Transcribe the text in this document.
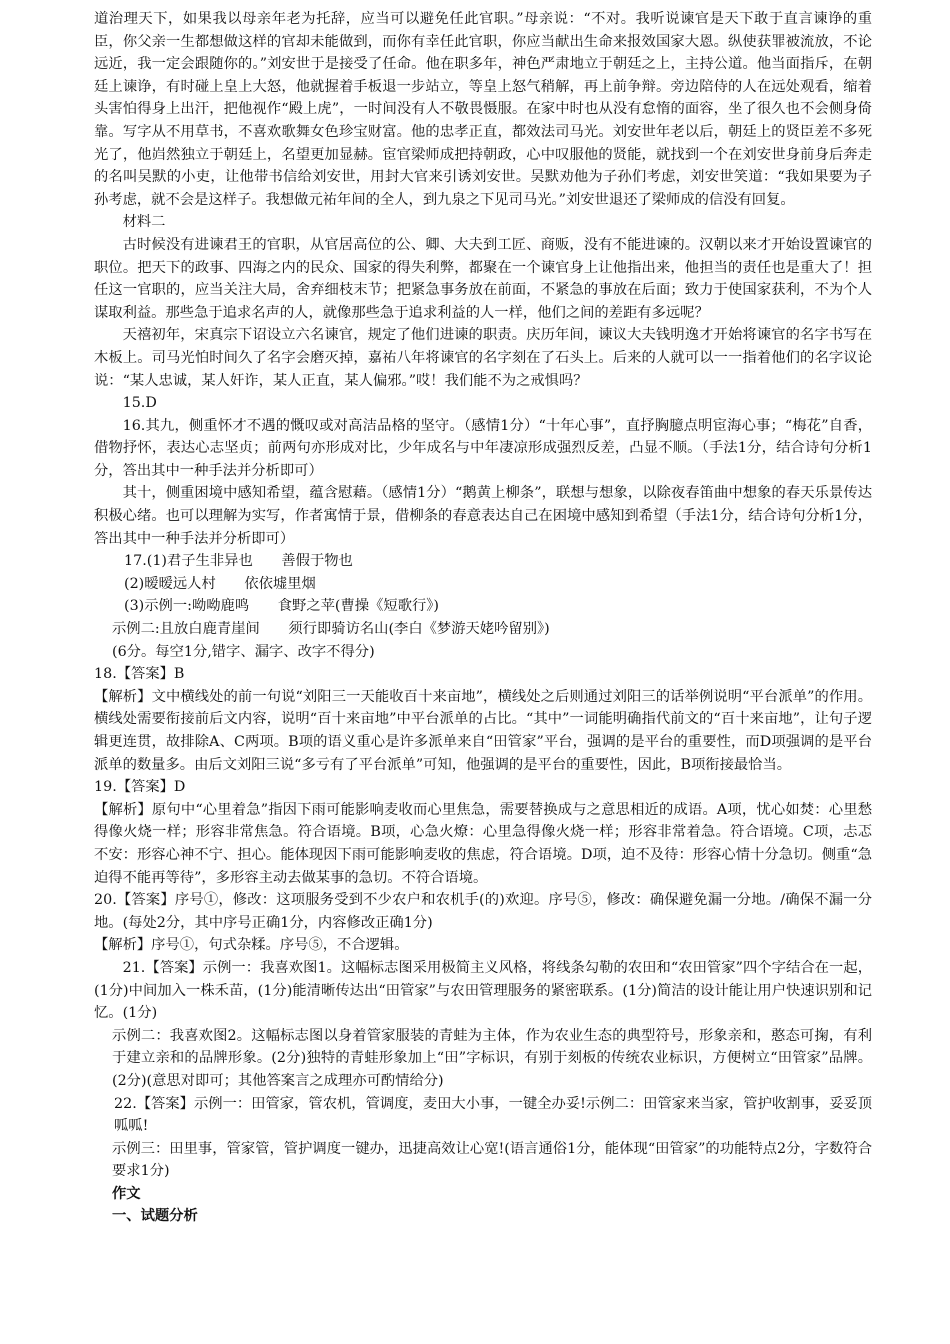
道治理天下，如果我以母亲年老为托辞，应当可以避免任此官职。”母亲说：“不对。我听说谏官是天下敢于直言谏诤的重臣，你父亲一生都想做这样的官却未能做到，而你有幸任此官职，你应当献出生命来报效国家大恩。纵使获罪被流放，不论远近，我一定会跟随你的。”刘安世于是接受了任命。他在职多年，神色严肃地立于朝廷之上，主持公道。他当面指斥，在朝廷上谏诤，有时碰上皇上大怒，他就握着手板退一步站立，等皇上怒气稍解，再上前争辩。旁边陪侍的人在远处观看，缩着头害怕得身上出汗，把他视作“殿上虎”，一时间没有人不敬畏慑服。在家中时也从没有怠惰的面容，坐了很久也不会侧身倚靠。写字从不用草书，不喜欢歌舞女色珍宝财富。他的忠孝正直，都效法司马光。刘安世年老以后，朝廷上的贤臣差不多死光了，他岿然独立于朝廷上，名望更加显赫。宦官梁师成把持朝政，心中叹服他的贤能，就找到一个在刘安世身前身后奔走的名叫吴默的小吏，让他带书信给刘安世，用封大官来引诱刘安世。吴默劝他为子孙们考虑，刘安世笑道：“我如果要为子孙考虑，就不会是这样子。我想做元祐年间的全人，到九泉之下见司马光。”刘安世退还了梁师成的信没有回复。

材料二

古时候没有进谏君王的官职，从官居高位的公、卿、大夫到工匠、商贩，没有不能进谏的。汉朝以来才开始设置谏官的职位。把天下的政事、四海之内的民众、国家的得失利弊，都聚在一个谏官身上让他指出来，他担当的责任也是重大了！担任这一官职的，应当关注大局，舍弃细枝末节；把紧急事务放在前面，不紧急的事放在后面；致力于使国家获利，不为个人谋取利益。那些急于追求名声的人，就像那些急于追求利益的人一样，他们之间的差距有多远呢？

天禧初年，宋真宗下诏设立六名谏官，规定了他们进谏的职责。庆历年间，谏议大夫钱明逸才开始将谏官的名字书写在木板上。司马光怕时间久了名字会磨灭掉，嘉祐八年将谏官的名字刻在了石头上。后来的人就可以一一指着他们的名字议论说：“某人忠诚，某人奸诈，某人正直，某人偏邪。”哎！我们能不为之戒惧吗？

15.D

16.其九，侧重怀才不遇的慨叹或对高洁品格的坚守。（感情1分）“十年心事”，直抒胸臆点明宦海心事；“梅花”自香，借物抒怀，表达心志坚贞；前两句亦形成对比，少年成名与中年凄凉形成强烈反差，凸显不顺。（手法1分，结合诗句分析1分，答出其中一种手法并分析即可）

其十，侧重困境中感知希望，蕴含慰藉。（感情1分）“鹅黄上柳条”，联想与想象，以除夜春笛曲中想象的春天乐景传达积极心绪。也可以理解为实写，作者寓情于景，借柳条的春意表达自己在困境中感知到希望（手法1分，结合诗句分析1分，答出其中一种手法并分析即可）

17.(1)君子生非异也　　善假于物也

(2)暧暧远人村　　依依墟里烟

(3)示例一:呦呦鹿鸣　　食野之苹(曹操《短歌行》)

示例二:且放白鹿青崖间　　须行即骑访名山(李白《梦游天姥吟留别》)

(6分。每空1分,错字、漏字、改字不得分)

18.【答案】B

【解析】文中横线处的前一句说“刘阳三一天能收百十来亩地”，横线处之后则通过刘阳三的话举例说明“平台派单”的作用。横线处需要衔接前后文内容，说明“百十来亩地”中平台派单的占比。“其中”一词能明确指代前文的“百十来亩地”，让句子逻辑更连贯，故排除A、C两项。B项的语义重心是许多派单来自“田管家”平台，强调的是平台的重要性，而D项强调的是平台派单的数量多。由后文刘阳三说“多亏有了平台派单”可知，他强调的是平台的重要性，因此，B项衔接最恰当。

19.【答案】D

【解析】原句中“心里着急”指因下雨可能影响麦收而心里焦急，需要替换成与之意思相近的成语。A项，忧心如焚：心里愁得像火烧一样；形容非常焦急。符合语境。B项，心急火燎：心里急得像火烧一样；形容非常着急。符合语境。C项，忐忑不安：形容心神不宁、担心。能体现因下雨可能影响麦收的焦虑，符合语境。D项，迫不及待：形容心情十分急切。侧重“急迫得不能再等待”，多形容主动去做某事的急切。不符合语境。

20.【答案】序号①，修改：这项服务受到不少农户和农机手(的)欢迎。序号⑤，修改：确保避免漏一分地。/确保不漏一分地。(每处2分，其中序号正确1分，内容修改正确1分)

【解析】序号①，句式杂糅。序号⑤，不合逻辑。

21.【答案】示例一：我喜欢图1。这幅标志图采用极简主义风格，将线条勾勒的农田和“农田管家”四个字结合在一起，(1分)中间加入一株禾苗，(1分)能清晰传达出“田管家”与农田管理服务的紧密联系。(1分)简洁的设计能让用户快速识别和记忆。(1分)

示例二：我喜欢图2。这幅标志图以身着管家服装的青蛙为主体，作为农业生态的典型符号，形象亲和，憨态可掬，有利于建立亲和的品牌形象。(2分)独特的青蛙形象加上“田”字标识，有别于刻板的传统农业标识，方便树立“田管家”品牌。(2分)(意思对即可；其他答案言之成理亦可酌情给分)

22.【答案】示例一：田管家，管农机，管调度，麦田大小事，一键全办妥!示例二：田管家来当家，管护收割事，妥妥顶呱呱!

示例三：田里事，管家管，管护调度一键办，迅捷高效让心宽!(语言通俗1分，能体现“田管家”的功能特点2分，字数符合要求1分)

作文

一、试题分析
